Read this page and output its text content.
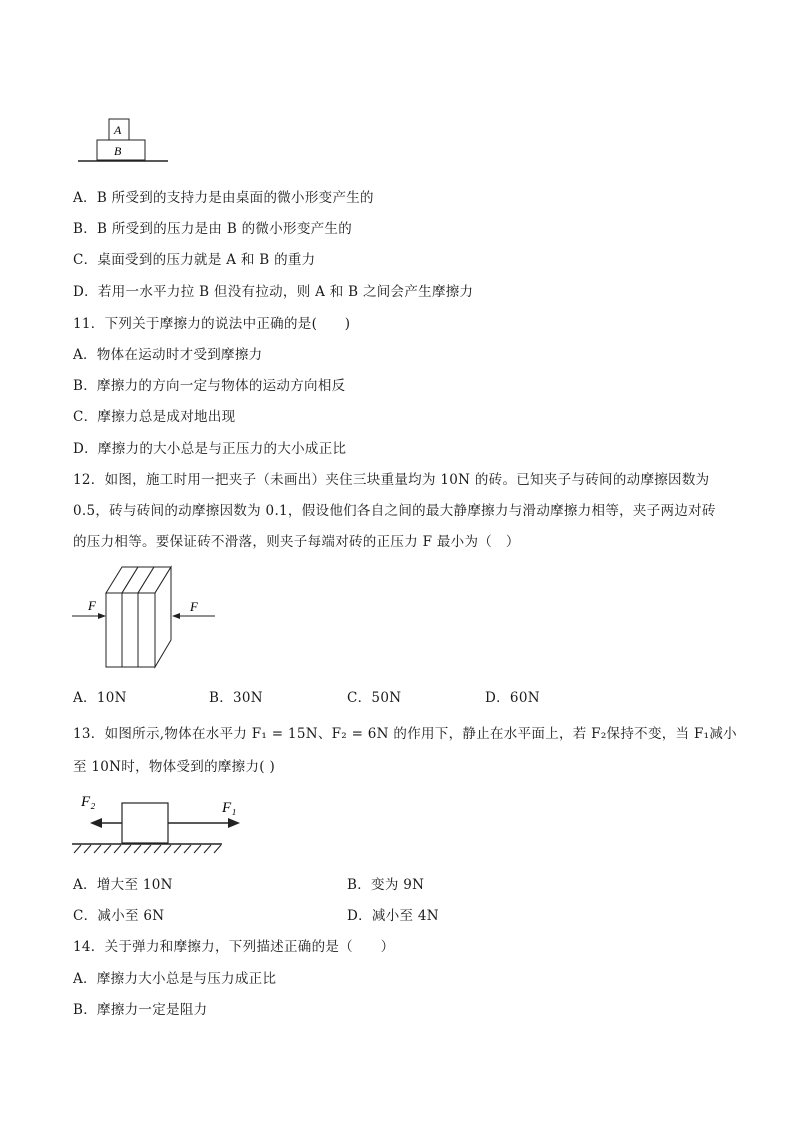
A
B
A．B 所受到的支持力是由桌面的微小形变产生的
B．B 所受到的压力是由 B 的微小形变产生的
C．桌面受到的压力就是 A 和 B 的重力
D．若用一水平力拉 B 但没有拉动，则 A 和 B 之间会产生摩擦力
11．下列关于摩擦力的说法中正确的是(　　)
A．物体在运动时才受到摩擦力
B．摩擦力的方向一定与物体的运动方向相反
C．摩擦力总是成对地出现
D．摩擦力的大小总是与正压力的大小成正比
12．如图，施工时用一把夹子（未画出）夹住三块重量均为 10N 的砖。已知夹子与砖间的动摩擦因数为
0.5，砖与砖间的动摩擦因数为 0.1，假设他们各自之间的最大静摩擦力与滑动摩擦力相等，夹子两边对砖
的压力相等。要保证砖不滑落，则夹子每端对砖的正压力 F 最小为（　）
F	F
A．10N	B．30N	C．50N	D．60N
13．如图所示,物体在水平力 F₁ = 15N、F₂ = 6N 的作用下，静止在水平面上，若 F₂保持不变，当 F₁减小
至 10N时，物体受到的摩擦力( )
F₂	F₁
A．增大至 10N	B．变为 9N
C．减小至 6N	D．减小至 4N
14．关于弹力和摩擦力，下列描述正确的是（　　）
A．摩擦力大小总是与压力成正比
B．摩擦力一定是阻力
